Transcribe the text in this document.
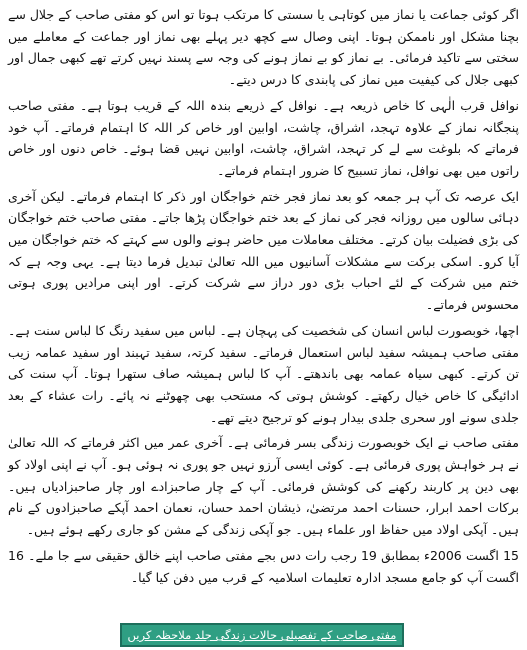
اگر کوئی جماعت یا نماز میں کوتاہی یا سستی کا مرتکب ہوتا تو اس کو مفتی صاحب کے جلال سے بچنا مشکل اور ناممکن ہوتا۔ اپنی وصال سے کچھ دیر پہلے بھی نماز اور جماعت کے معاملے میں سختی سے تاکید فرمائی۔ بے نماز کو بے نماز ہونے کی وجہ سے پسند نہیں کرتے تھے کبھی جمال اور کبھی جلال کی کیفیت میں نماز کی پابندی کا درس دیتے۔

نوافل قرب الٰہی کا خاص ذریعہ ہے۔ نوافل کے ذریعے بندہ اللہ کے قریب ہوتا ہے۔ مفتی صاحب پنجگانہ نماز کے علاوہ تہجد، اشراق، چاشت، اوابین اور خاص کر اللہ کا اہتمام فرماتے۔ آپ خود فرماتے کہ بلوغت سے لے کر تہجد، اشراق، چاشت، اوابین نہیں قضا ہوئے۔ خاص دنوں اور خاص راتوں میں بھی نوافل، نماز تسبیح کا ضرور اہتمام فرماتے۔

ایک عرصہ تک آپ ہر جمعہ کو بعد نماز فجر ختم خواجگان اور ذکر کا اہتمام فرماتے۔ لیکن آخری دہائی سالوں میں روزانہ فجر کی نماز کے بعد ختم خواجگان پڑھا جاتے۔ مفتی صاحب ختم خواجگان کی بڑی فضیلت بیان کرتے۔ مختلف معاملات میں حاضر ہونے والوں سے کہتے کہ ختم خواجگان میں آیا کرو۔ اسکی برکت سے مشکلات آسانیوں میں اللہ تعالیٰ تبدیل فرما دیتا ہے۔ یہی وجہ ہے کہ ختم میں شرکت کے لئے احباب بڑی دور دراز سے شرکت کرتے۔ اور اپنی مرادیں پوری ہوتی محسوس فرماتے۔

اچھا، خوبصورت لباس انسان کی شخصیت کی پہچان ہے۔ لباس میں سفید رنگ کا لباس سنت ہے۔ مفتی صاحب ہمیشہ سفید لباس استعمال فرماتے۔ سفید کرتہ، سفید تہبند اور سفید عمامہ زیب تن کرتے۔ کبھی سیاہ عمامہ بھی باندھتے۔ آپ کا لباس ہمیشہ صاف ستھرا ہوتا۔ آپ سنت کی ادائیگی کا خاص خیال رکھتے۔ کوشش ہوتی کہ مستحب بھی چھوٹنے نہ پائے۔ رات عشاء کے بعد جلدی سونے اور سحری جلدی بیدار ہونے کو ترجیح دیتے تھے۔

مفتی صاحب نے ایک خوبصورت زندگی بسر فرمائی ہے۔ آخری عمر میں اکثر فرماتے کہ اللہ تعالیٰ نے ہر خواہش پوری فرمائی ہے۔ کوئی ایسی آرزو نہیں جو پوری نہ ہوئی ہو۔ آپ نے اپنی اولاد کو بھی دین پر کاربند رکھنے کی کوشش فرمائی۔ آپ کے چار صاحبزادے اور چار صاحبزادیاں ہیں۔ برکات احمد ابرار، حسنات احمد مرتضیٰ، ذیشان احمد حسان، نعمان احمد آپکے صاحبزادوں کے نام ہیں۔ آپکی اولاد میں حفاظ اور علماء ہیں۔ جو آپکی زندگی کے مشن کو جاری رکھے ہوئے ہیں۔

15 اگست 2006ء بمطابق 19 رجب رات دس بجے مفتی صاحب اپنے خالق حقیقی سے جا ملے۔ 16 اگست آپ کو جامع مسجد ادارہ تعلیمات اسلامیہ کے قرب میں دفن کیا گیا۔

مفتی صاحب کے تفصیلی حالات زندگی جلد ملاحظہ کریں
